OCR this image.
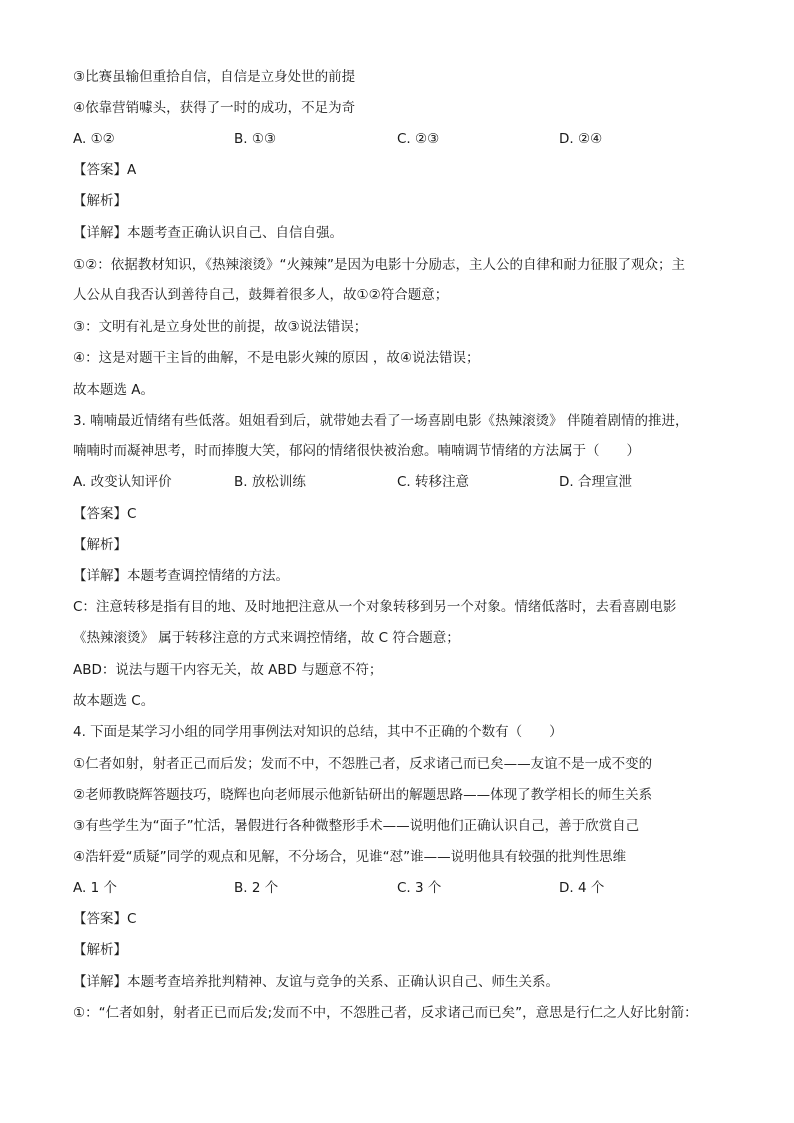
③比赛虽输但重拾自信，自信是立身处世的前提
④依靠营销噱头，获得了一时的成功，不足为奇
A. ①②	B. ①③	C. ②③	D. ②④
【答案】A
【解析】
【详解】本题考查正确认识自己、自信自强。
①②：依据教材知识，《热辣滚烫》“火辣辣”是因为电影十分励志，主人公的自律和耐力征服了观众；主
人公从自我否认到善待自己，鼓舞着很多人，故①②符合题意；
③：文明有礼是立身处世的前提，故③说法错误；
④：这是对题干主旨的曲解，不是电影火辣的原因 ，故④说法错误；
故本题选 A。
3. 喃喃最近情绪有些低落。姐姐看到后，就带她去看了一场喜剧电影《热辣滚烫》 伴随着剧情的推进，
喃喃时而凝神思考，时而捧腹大笑，郁闷的情绪很快被治愈。喃喃调节情绪的方法属于（　　）
A. 改变认知评价	B. 放松训练	C. 转移注意	D. 合理宣泄
【答案】C
【解析】
【详解】本题考查调控情绪的方法。
C：注意转移是指有目的地、及时地把注意从一个对象转移到另一个对象。情绪低落时，去看喜剧电影
《热辣滚烫》 属于转移注意的方式来调控情绪，故 C 符合题意；
ABD：说法与题干内容无关，故 ABD 与题意不符；
故本题选 C。
4. 下面是某学习小组的同学用事例法对知识的总结，其中不正确的个数有（　　）
①仁者如射，射者正己而后发；发而不中，不怨胜己者，反求诸己而已矣——友谊不是一成不变的
②老师教晓辉答题技巧，晓辉也向老师展示他新钻研出的解题思路——体现了教学相长的师生关系
③有些学生为“面子”忙活，暑假进行各种微整形手术——说明他们正确认识自己，善于欣赏自己
④浩轩爱“质疑”同学的观点和见解，不分场合，见谁“怼”谁——说明他具有较强的批判性思维
A. 1 个	B. 2 个	C. 3 个	D. 4 个
【答案】C
【解析】
【详解】本题考查培养批判精神、友谊与竞争的关系、正确认识自己、师生关系。
①：“仁者如射，射者正已而后发;发而不中，不怨胜己者，反求诸己而已矣”，意思是行仁之人好比射箭：
